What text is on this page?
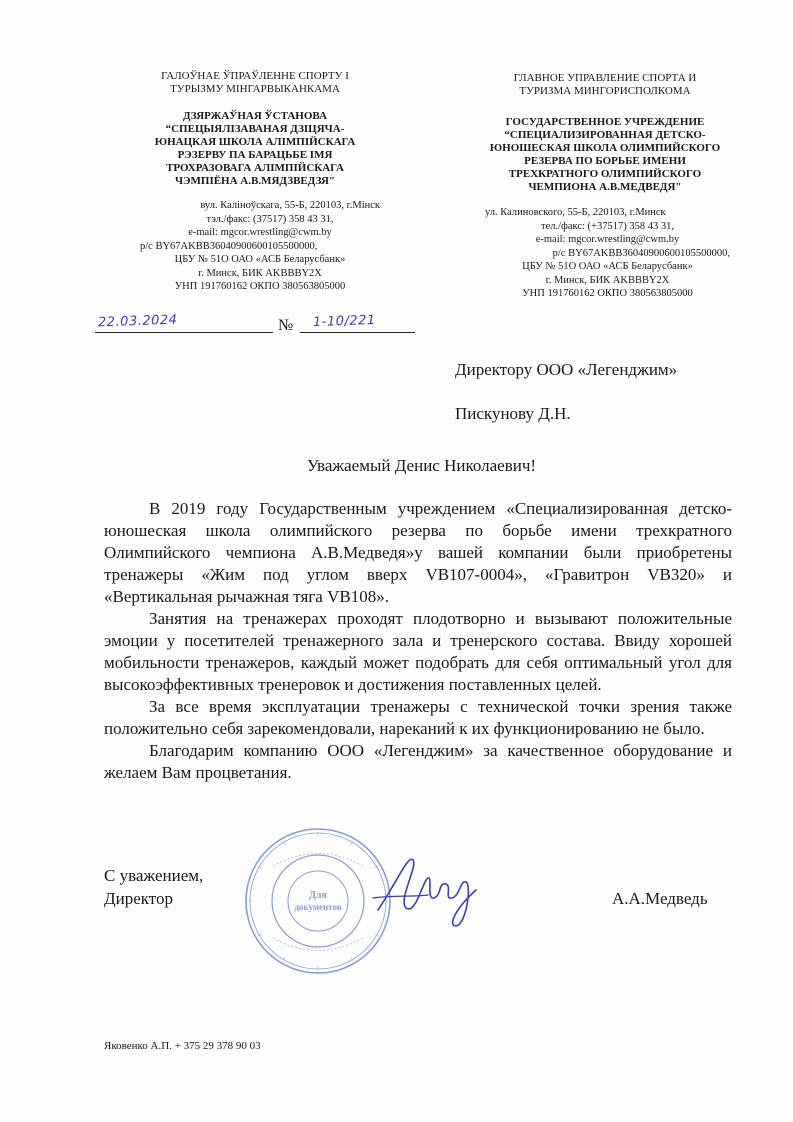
ГАЛОЎНАЕ ЎПРАЎЛЕННЕ СПОРТУ І
ТУРЫЗМУ МІНГАРВЫКАНКАМА
ДЗЯРЖАЎНАЯ ЎСТАНОВА
“СПЕЦЫЯЛІЗАВАНАЯ ДЗІЦЯЧА-
ЮНАЦКАЯ ШКОЛА АЛІМПІЙСКАГА
РЭЗЕРВУ ПА БАРАЦЬБЕ ІМЯ
ТРОХРАЗОВАГА АЛІМПІЙСКАГА
ЧЭМПІЁНА А.В.МЯДЗВЕДЗЯ"
вул. Каліноўскага, 55-Б, 220103, г.Мінск
тэл./факс: (37517) 358 43 31,
e-mail: mgcor.wrestling@cwm.by
р/с BY67AKBB36040900600105500000,
ЦБУ № 51О ОАО «АСБ Беларусбанк»
г. Минск, БИК AKBBBY2X
УНП 191760162 ОКПО 380563805000
ГЛАВНОЕ УПРАВЛЕНИЕ СПОРТА И
ТУРИЗМА МИНГОРИСПОЛКОМА
ГОСУДАРСТВЕННОЕ УЧРЕЖДЕНИЕ
“СПЕЦИАЛИЗИРОВАННАЯ ДЕТСКО-
ЮНОШЕСКАЯ ШКОЛА ОЛИМПИЙСКОГО
РЕЗЕРВА ПО БОРЬБЕ ИМЕНИ
ТРЕХКРАТНОГО ОЛИМПИЙСКОГО
ЧЕМПИОНА А.В.МЕДВЕДЯ"
ул. Калиновского, 55-Б, 220103, г.Минск
тел./факс: (+37517) 358 43 31,
e-mail: mgcor.wrestling@cwm.by
р/с BY67AKBB36040900600105500000,
ЦБУ № 51О ОАО «АСБ Беларусбанк»
г. Минск, БИК AKBBBY2X
УНП 191760162 ОКПО 380563805000
22.03.2024	№ 1-10/221
Директору ООО «Легенджим»
Пискунову Д.Н.
Уважаемый Денис Николаевич!

В 2019 году Государственным учреждением «Специализированная детско-юношеская школа олимпийского резерва по борьбе имени трехкратного Олимпийского чемпиона А.В.Медведя»у вашей компании были приобретены тренажеры «Жим под углом вверх VB107-0004», «Гравитрон VB320» и «Вертикальная рычажная тяга VB108».

Занятия на тренажерах проходят плодотворно и вызывают положительные эмоции у посетителей тренажерного зала и тренерского состава. Ввиду хорошей мобильности тренажеров, каждый может подобрать для себя оптимальный угол для высокоэффективных тренеровок и достижения поставленных целей.

За все время эксплуатации тренажеры с технической точки зрения также положительно себя зарекомендовали, нареканий к их функционированию не было.

Благодарим компанию ООО «Легенджим» за качественное оборудование и желаем Вам процветания.

Для
документов
С уважением,
Директор	А.А.Медведь
Яковенко А.П. + 375 29 378 90 03
